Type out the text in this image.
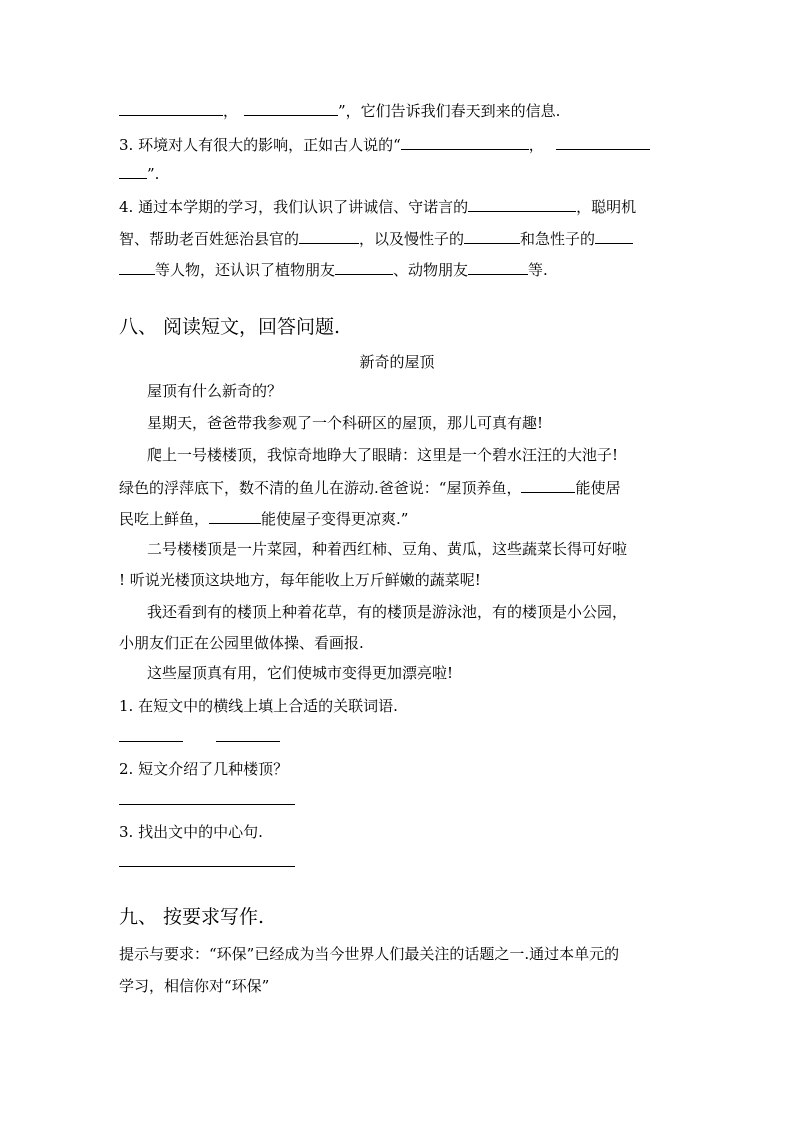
，	”，它们告诉我们春天到来的信息.
3. 环境对人有很大的影响，正如古人说的“	，
”.
4. 通过本学期的学习，我们认识了讲诚信、守诺言的	，聪明机
智、帮助老百姓惩治县官的	，以及慢性子的	和急性子的
等人物，还认识了植物朋友	、动物朋友	等.
八、 阅读短文，回答问题.
新奇的屋顶
屋顶有什么新奇的？
星期天，爸爸带我参观了一个科研区的屋顶，那儿可真有趣!
爬上一号楼楼顶，我惊奇地睁大了眼睛：这里是一个碧水汪汪的大池子!
绿色的浮萍底下，数不清的鱼儿在游动.爸爸说：“屋顶养鱼，	能使居
民吃上鲜鱼，	能使屋子变得更凉爽.”
二号楼楼顶是一片菜园，种着西红柿、豆角、黄瓜，这些蔬菜长得可好啦
! 听说光楼顶这块地方，每年能收上万斤鲜嫩的蔬菜呢!
我还看到有的楼顶上种着花草，有的楼顶是游泳池，有的楼顶是小公园，
小朋友们正在公园里做体操、看画报.
这些屋顶真有用，它们使城市变得更加漂亮啦!
1. 在短文中的横线上填上合适的关联词语.
2. 短文介绍了几种楼顶？
3. 找出文中的中心句.
九、 按要求写作.
提示与要求：“环保”已经成为当今世界人们最关注的话题之一.通过本单元的
学习，相信你对“环保”
